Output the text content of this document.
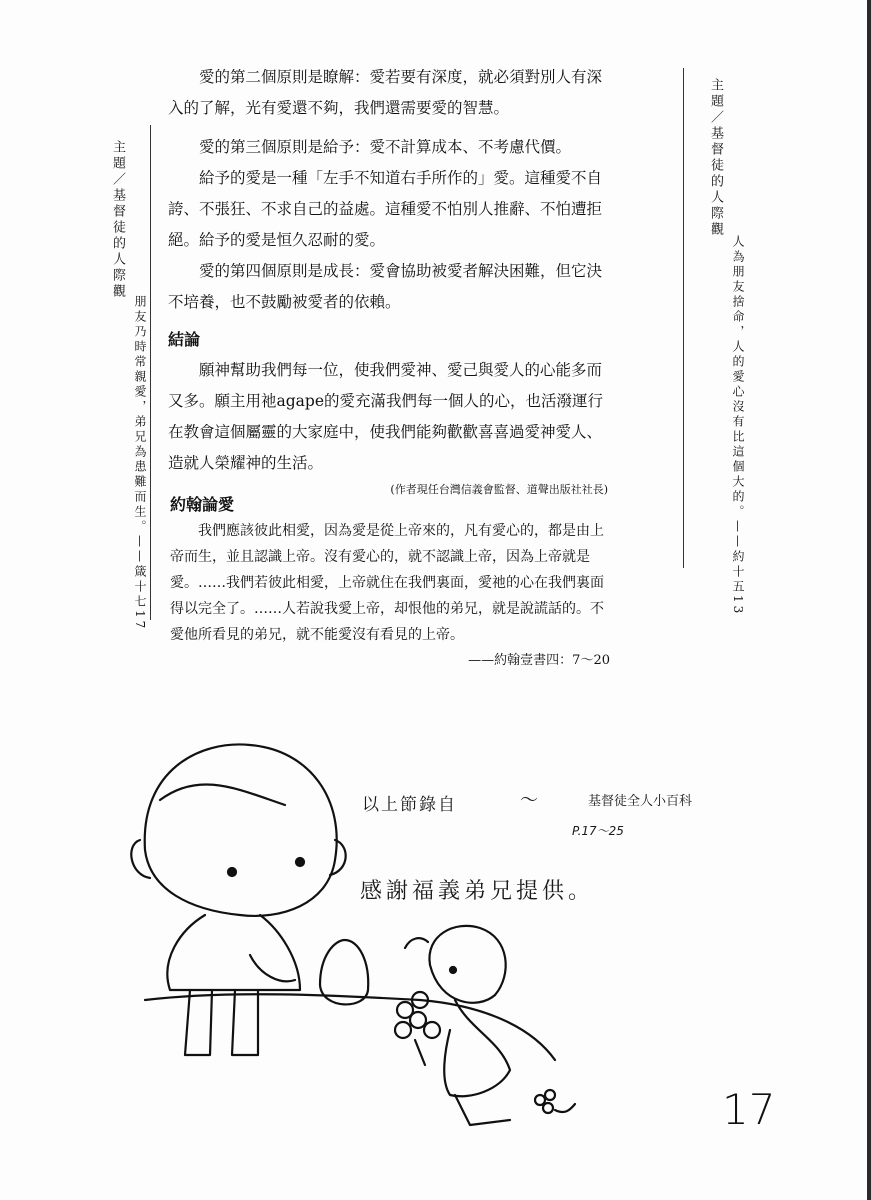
主題／基督徒的人際觀
朋友乃時常親愛，弟兄為患難而生。——箴十七17
主題／基督徒的人際觀
人為朋友捨命，人的愛心沒有比這個大的。——約十五13

愛的第二個原則是瞭解：愛若要有深度，就必須對別人有深入的了解，光有愛還不夠，我們還需要愛的智慧。

愛的第三個原則是給予：愛不計算成本、不考慮代價。

給予的愛是一種「左手不知道右手所作的」愛。這種愛不自誇、不張狂、不求自己的益處。這種愛不怕別人推辭、不怕遭拒絕。給予的愛是恒久忍耐的愛。

愛的第四個原則是成長：愛會協助被愛者解決困難，但它決不培養，也不鼓勵被愛者的依賴。

結論

願神幫助我們每一位，使我們愛神、愛己與愛人的心能多而又多。願主用祂agape的愛充滿我們每一個人的心，也活潑運行在教會這個屬靈的大家庭中，使我們能夠歡歡喜喜過愛神愛人、造就人榮耀神的生活。

(作者現任台灣信義會監督、道聲出版社社長)

約翰論愛

我們應該彼此相愛，因為愛是從上帝來的，凡有愛心的，都是由上帝而生，並且認識上帝。沒有愛心的，就不認識上帝，因為上帝就是愛。……我們若彼此相愛，上帝就住在我們裏面，愛祂的心在我們裏面得以完全了。……人若說我愛上帝，却恨他的弟兄，就是說謊話的。不愛他所看見的弟兄，就不能愛沒有看見的上帝。

——約翰壹書四：7～20

以上節錄自	～	基督徒全人小百科
P.17～25
感謝福義弟兄提供。
17
